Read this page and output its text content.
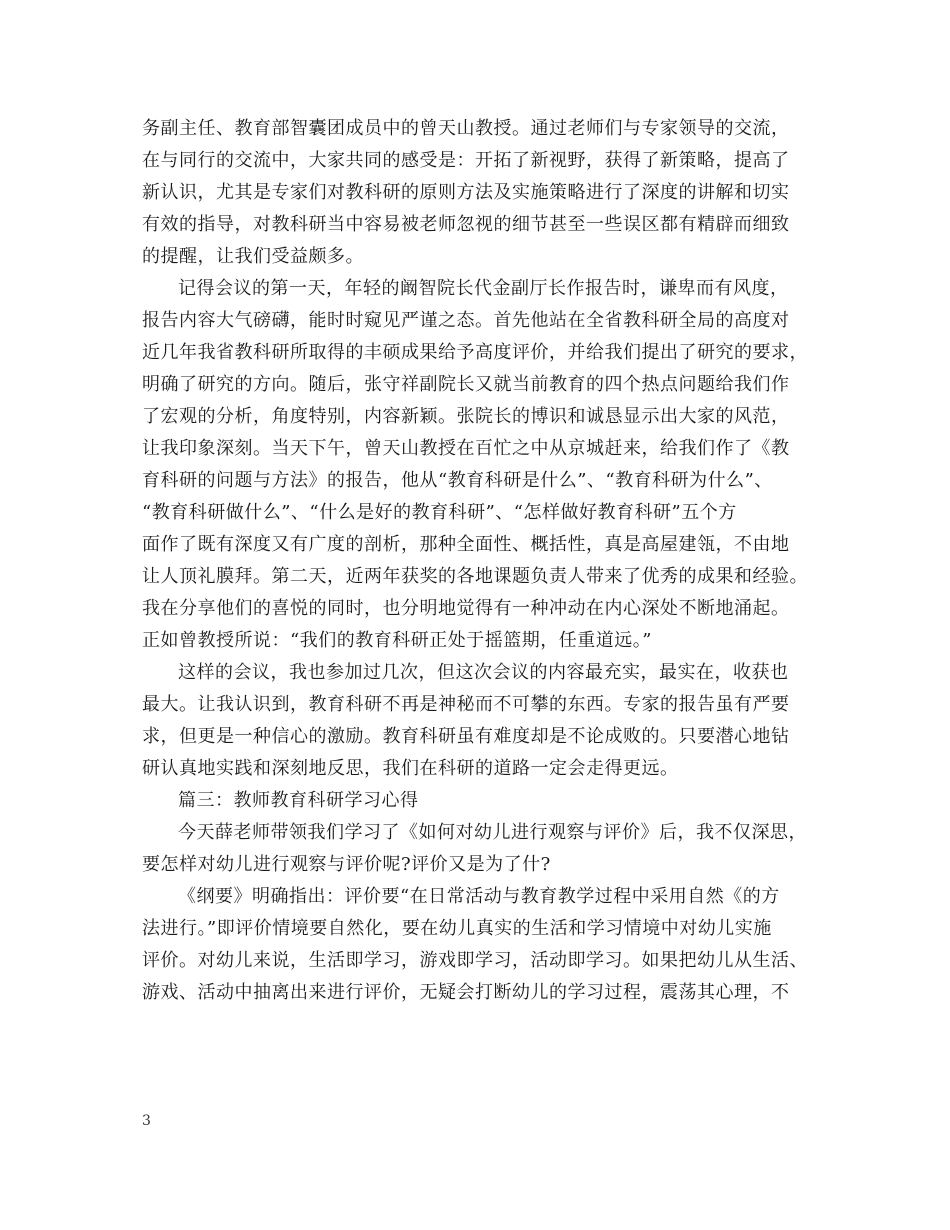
务副主任、教育部智囊团成员中的曾天山教授。通过老师们与专家领导的交流，
在与同行的交流中，大家共同的感受是：开拓了新视野，获得了新策略，提高了
新认识，尤其是专家们对教科研的原则方法及实施策略进行了深度的讲解和切实
有效的指导，对教科研当中容易被老师忽视的细节甚至一些误区都有精辟而细致
的提醒，让我们受益颇多。
记得会议的第一天，年轻的阚智院长代金副厅长作报告时，谦卑而有风度，
报告内容大气磅礴，能时时窥见严谨之态。首先他站在全省教科研全局的高度对
近几年我省教科研所取得的丰硕成果给予高度评价，并给我们提出了研究的要求，
明确了研究的方向。随后，张守祥副院长又就当前教育的四个热点问题给我们作
了宏观的分析，角度特别，内容新颖。张院长的博识和诚恳显示出大家的风范，
让我印象深刻。当天下午，曾天山教授在百忙之中从京城赶来，给我们作了《教
育科研的问题与方法》的报告，他从“教育科研是什么”、“教育科研为什么”、
“教育科研做什么”、“什么是好的教育科研”、“怎样做好教育科研”五个方
面作了既有深度又有广度的剖析，那种全面性、概括性，真是高屋建瓴，不由地
让人顶礼膜拜。第二天，近两年获奖的各地课题负责人带来了优秀的成果和经验。
我在分享他们的喜悦的同时，也分明地觉得有一种冲动在内心深处不断地涌起。
正如曾教授所说：“我们的教育科研正处于摇篮期，任重道远。”
这样的会议，我也参加过几次，但这次会议的内容最充实，最实在，收获也
最大。让我认识到，教育科研不再是神秘而不可攀的东西。专家的报告虽有严要
求，但更是一种信心的激励。教育科研虽有难度却是不论成败的。只要潜心地钻
研认真地实践和深刻地反思，我们在科研的道路一定会走得更远。
篇三：教师教育科研学习心得
今天薛老师带领我们学习了《如何对幼儿进行观察与评价》后，我不仅深思，
要怎样对幼儿进行观察与评价呢?评价又是为了什?
《纲要》明确指出：评价要“在日常活动与教育教学过程中采用自然《的方
法进行。”即评价情境要自然化，要在幼儿真实的生活和学习情境中对幼儿实施
评价。对幼儿来说，生活即学习，游戏即学习，活动即学习。如果把幼儿从生活、
游戏、活动中抽离出来进行评价，无疑会打断幼儿的学习过程，震荡其心理，不
3
